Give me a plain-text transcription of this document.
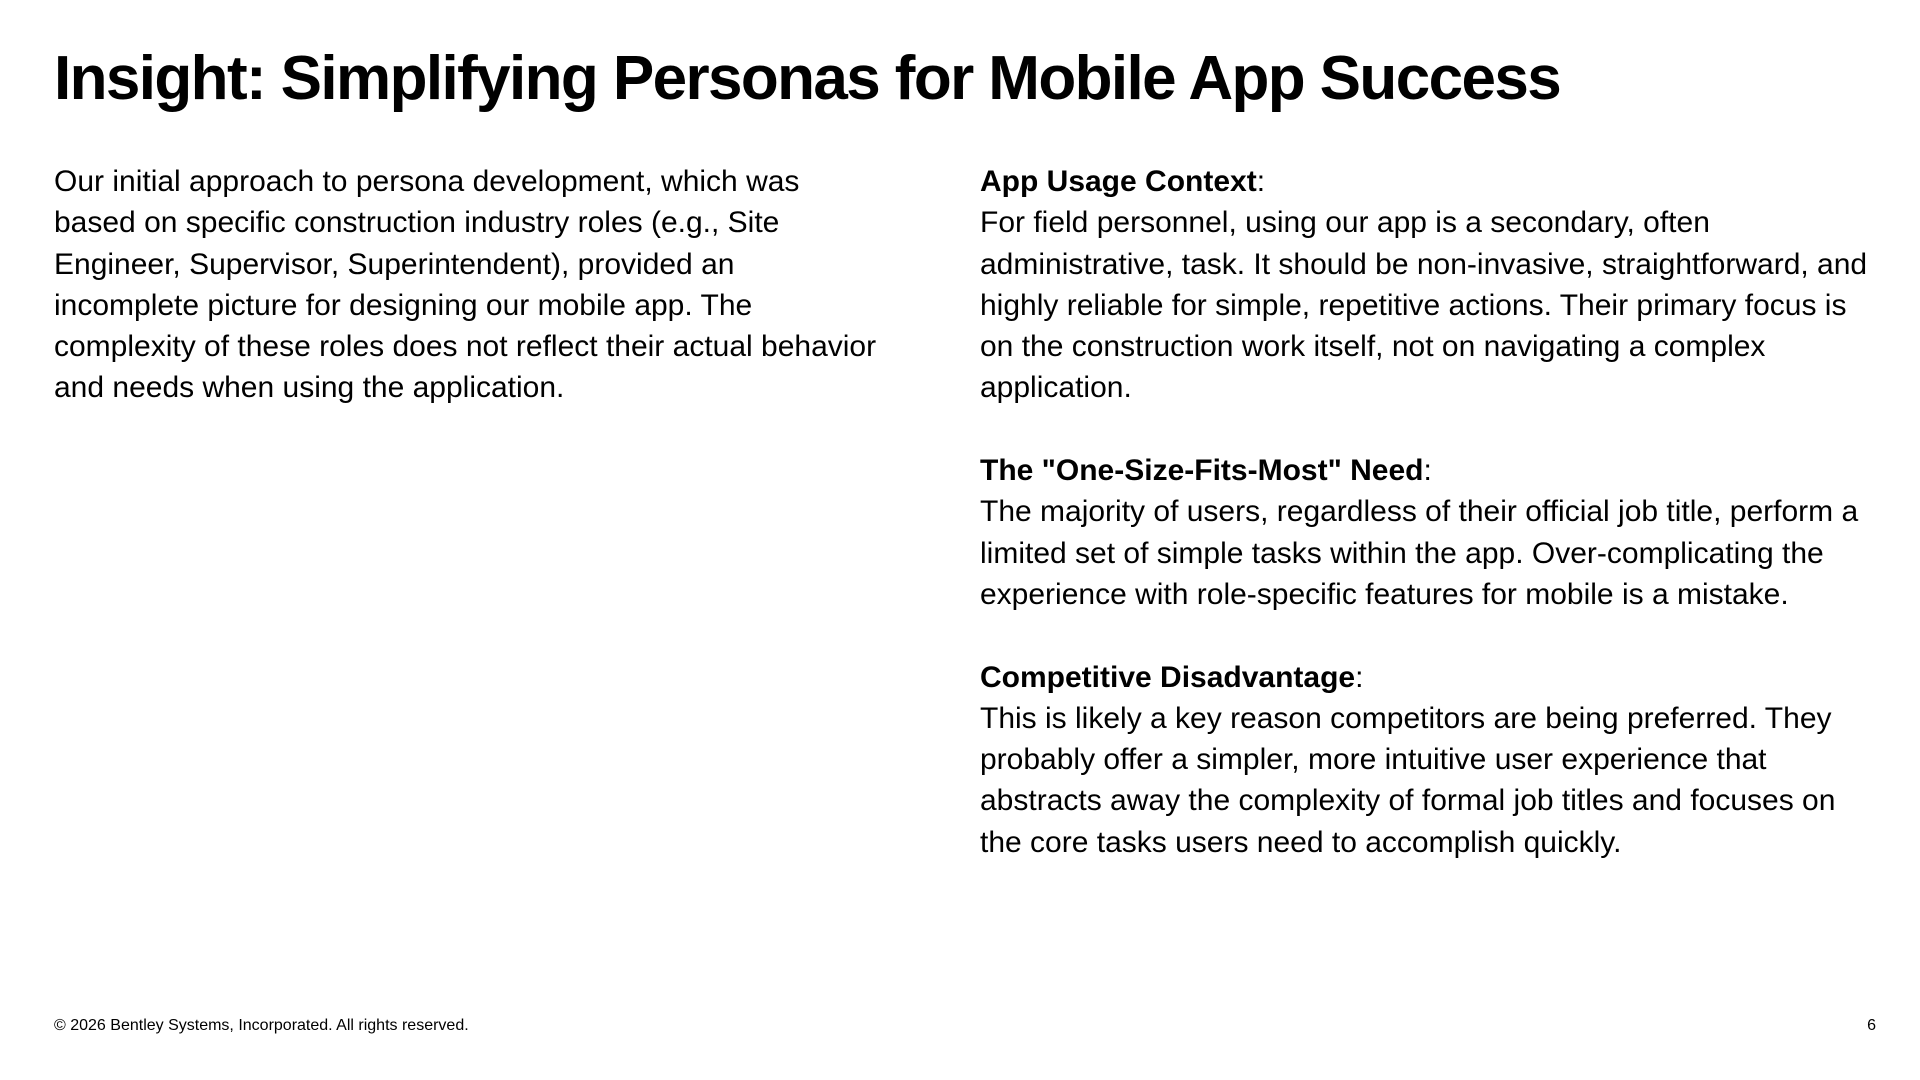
Insight: Simplifying Personas for Mobile App Success

Our initial approach to persona development, which was based on specific construction industry roles (e.g., Site Engineer, Supervisor, Superintendent), provided an incomplete picture for designing our mobile app. The complexity of these roles does not reflect their actual behavior and needs when using the application.

App Usage Context:

For field personnel, using our app is a secondary, often administrative, task. It should be non-invasive, straightforward, and highly reliable for simple, repetitive actions. Their primary focus is on the construction work itself, not on navigating a complex application.

The "One-Size-Fits-Most" Need:

The majority of users, regardless of their official job title, perform a limited set of simple tasks within the app. Over-complicating the experience with role-specific features for mobile is a mistake.

Competitive Disadvantage:

This is likely a key reason competitors are being preferred. They probably offer a simpler, more intuitive user experience that abstracts away the complexity of formal job titles and focuses on the core tasks users need to accomplish quickly.

© 2026 Bentley Systems, Incorporated. All rights reserved.	6
